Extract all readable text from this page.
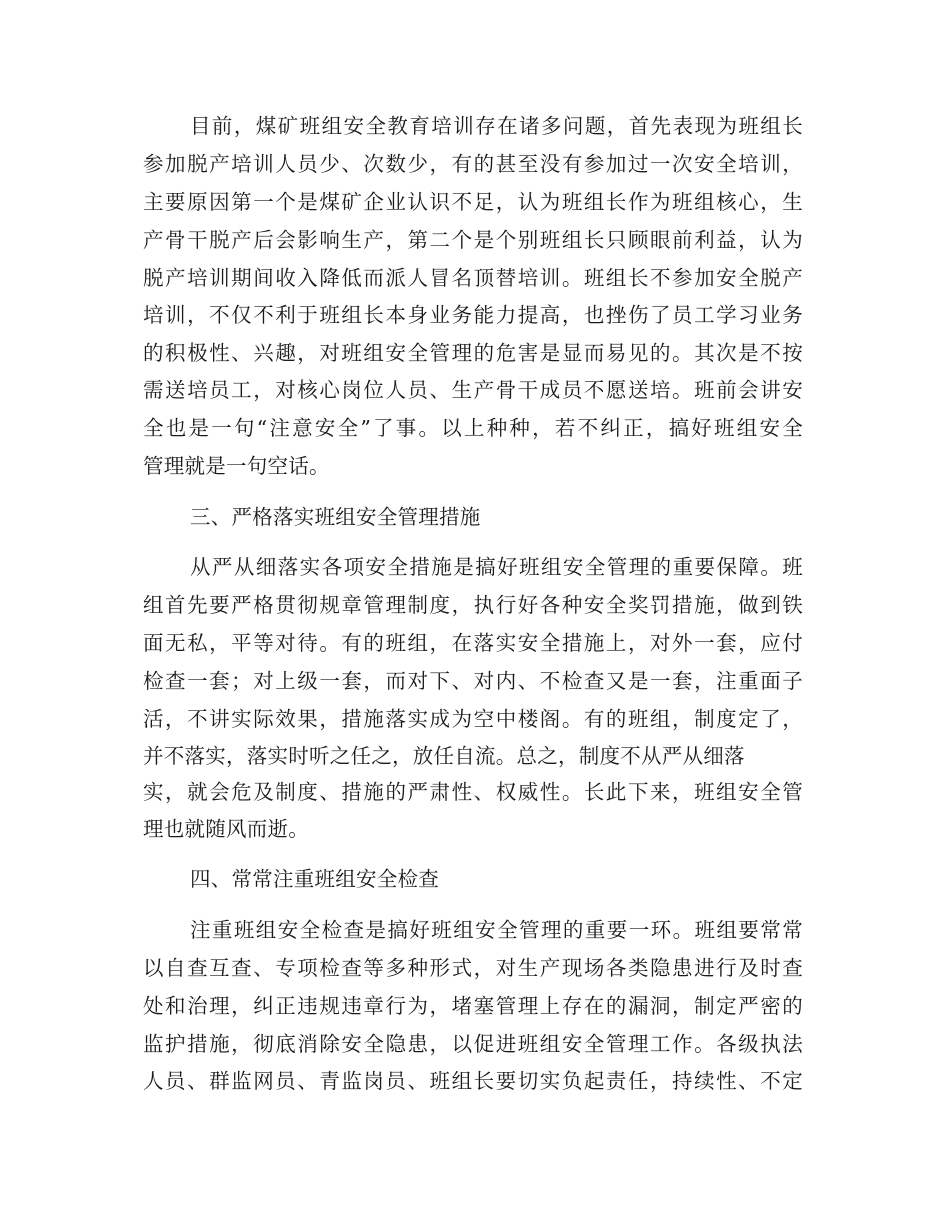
目前，煤矿班组安全教育培训存在诸多问题，首先表现为班组长
参加脱产培训人员少、次数少，有的甚至没有参加过一次安全培训，
主要原因第一个是煤矿企业认识不足，认为班组长作为班组核心，生
产骨干脱产后会影响生产，第二个是个别班组长只顾眼前利益，认为
脱产培训期间收入降低而派人冒名顶替培训。班组长不参加安全脱产
培训，不仅不利于班组长本身业务能力提高，也挫伤了员工学习业务
的积极性、兴趣，对班组安全管理的危害是显而易见的。其次是不按
需送培员工，对核心岗位人员、生产骨干成员不愿送培。班前会讲安
全也是一句“注意安全”了事。以上种种，若不纠正，搞好班组安全
管理就是一句空话。
三、严格落实班组安全管理措施
从严从细落实各项安全措施是搞好班组安全管理的重要保障。班
组首先要严格贯彻规章管理制度，执行好各种安全奖罚措施，做到铁
面无私，平等对待。有的班组，在落实安全措施上，对外一套，应付
检查一套；对上级一套，而对下、对内、不检查又是一套，注重面子
活，不讲实际效果，措施落实成为空中楼阁。有的班组，制度定了，
并不落实，落实时听之任之，放任自流。总之，制度不从严从细落
实，就会危及制度、措施的严肃性、权威性。长此下来，班组安全管
理也就随风而逝。
四、常常注重班组安全检查
注重班组安全检查是搞好班组安全管理的重要一环。班组要常常
以自查互查、专项检查等多种形式，对生产现场各类隐患进行及时查
处和治理，纠正违规违章行为，堵塞管理上存在的漏洞，制定严密的
监护措施，彻底消除安全隐患，以促进班组安全管理工作。各级执法
人员、群监网员、青监岗员、班组长要切实负起责任，持续性、不定
